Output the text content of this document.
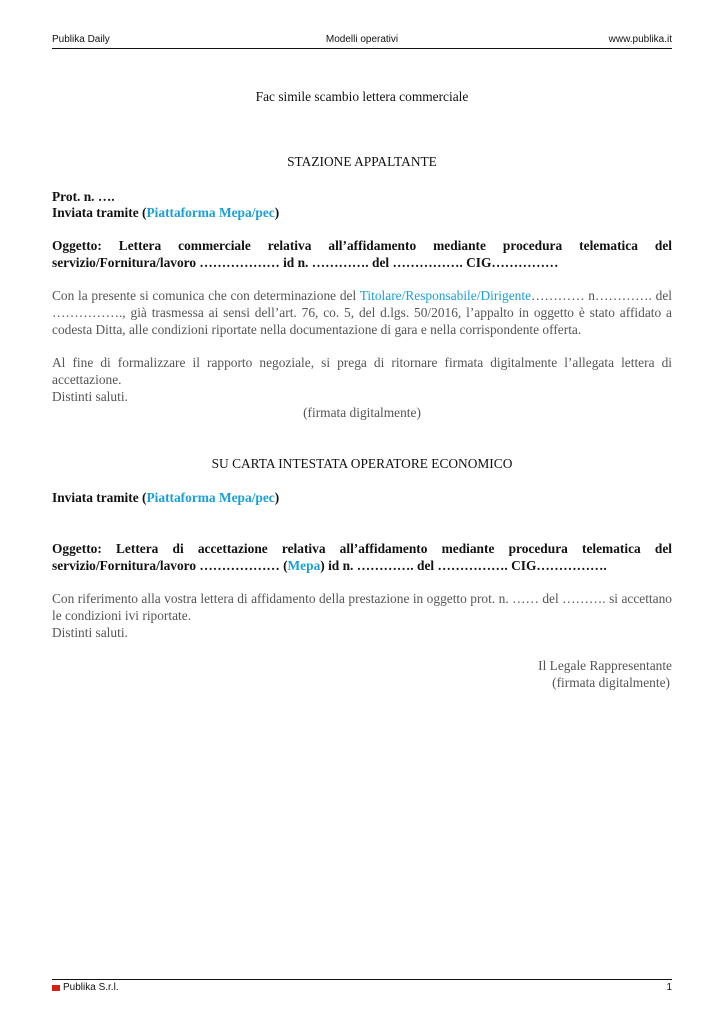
Publika Daily	Modelli operativi	www.publika.it
Fac simile scambio lettera commerciale
STAZIONE APPALTANTE
Prot. n. ….
Inviata tramite (Piattaforma Mepa/pec)
Oggetto: Lettera commerciale relativa all’affidamento mediante procedura telematica del
servizio/Fornitura/lavoro ……………… id n. …………. del ……………. CIG……………
Con la presente si comunica che con determinazione del Titolare/Responsabile/Dirigente………… n…………. del ……………., già trasmessa ai sensi dell’art. 76, co. 5, del d.lgs. 50/2016, l’appalto in oggetto è stato affidato a codesta Ditta, alle condizioni riportate nella documentazione di gara e nella corrispondente offerta.
Al fine di formalizzare il rapporto negoziale, si prega di ritornare firmata digitalmente l’allegata lettera di accettazione.
Distinti saluti.
(firmata digitalmente)
SU CARTA INTESTATA OPERATORE ECONOMICO
Inviata tramite (Piattaforma Mepa/pec)
Oggetto: Lettera di accettazione relativa all’affidamento mediante procedura telematica del
servizio/Fornitura/lavoro ……………… (Mepa) id n. …………. del ……………. CIG…………….
Con riferimento alla vostra lettera di affidamento della prestazione in oggetto prot. n. …… del ………. si accettano le condizioni ivi riportate.
Distinti saluti.
Il Legale Rappresentante
(firmata digitalmente)
Publika S.r.l.	1
